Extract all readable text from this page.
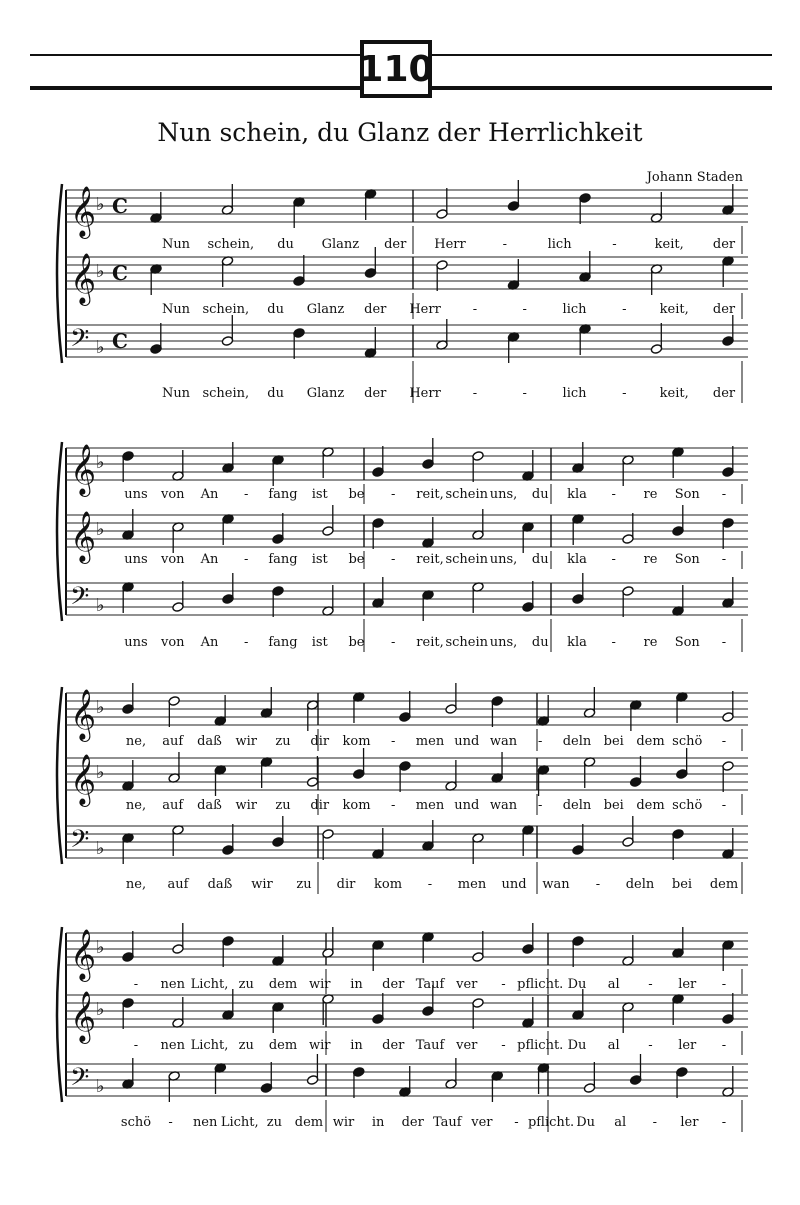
110
Nun schein, du Glanz der Herrlichkeit
Johann Staden
𝄞 ♭ C
Nun schein, du Glanz der Herr	-	lich	-	keit, der
𝄞 ♭ C
Nun schein, du Glanz der Herr -	-	lich	-	keit, der
𝄢 ♭ C
Nun schein, du Glanz der Herr -	-	lich	-	keit, der
𝄞 ♭
uns von An - fang ist be - reit, schein uns, du kla - re Son -
𝄞 ♭
uns von An - fang ist be - reit, schein uns, du kla - re Son -
𝄢 ♭
uns von An - fang ist be - reit, schein uns, du kla - re Son -
𝄞 ♭
ne, auf daß wir zu dir kom - men und wan - deln bei dem schö -
𝄞 ♭
ne, auf daß wir zu dir kom - men und wan - deln bei dem schö -
𝄢 ♭
ne, auf daß wir zu dir kom - men und wan - deln bei dem
𝄞 ♭
- nen Licht, zu dem wir in der Tauf ver - pflicht. Du al - ler -
𝄞 ♭
- nen Licht, zu dem wir in der Tauf ver - pflicht. Du al - ler -
𝄢 ♭
schö - nen Licht, zu dem wir in der Tauf ver - pflicht. Du al - ler -
